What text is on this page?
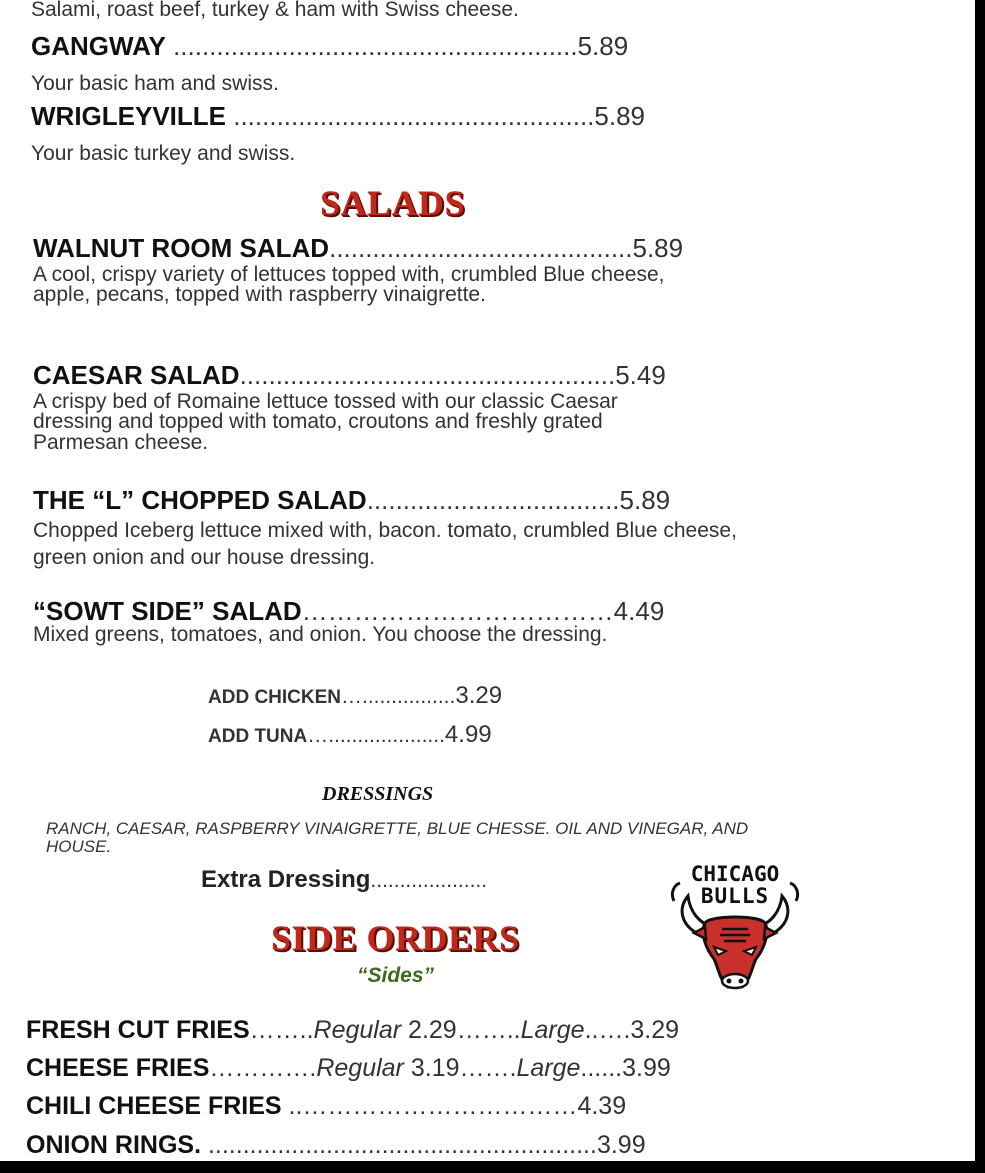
Salami, roast beef, turkey & ham with Swiss cheese.
GANGWAY ........................................................5.89
Your basic ham and swiss.
WRIGLEYVILLE ..................................................5.89
Your basic turkey and swiss.
SALADS
WALNUT ROOM SALAD..........................................5.89
A cool, crispy variety of lettuces topped with, crumbled Blue cheese, apple, pecans, topped with raspberry vinaigrette.
CAESAR SALAD....................................................5.49
A crispy bed of Romaine lettuce tossed with our classic Caesar dressing and topped with tomato, croutons and freshly grated Parmesan cheese.
THE “L” CHOPPED SALAD...................................5.89
Chopped Iceberg lettuce mixed with, bacon. tomato, crumbled Blue cheese, green onion and our house dressing.
“SOWT SIDE” SALAD………………………………4.49
Mixed greens, tomatoes, and onion. You choose the dressing.
ADD CHICKEN…................3.29
ADD TUNA…....................4.99
DRESSINGS
RANCH, CAESAR, RASPBERRY VINAIGRETTE, BLUE CHESSE. OIL AND VINEGAR, AND HOUSE.
Extra Dressing....................	CHICAGO
BULLS
SIDE ORDERS
“Sides”
FRESH CUT FRIES……..Regular 2.29……..Large..….3.29
CHEESE FRIES………….Regular 3.19…….Large......3.99
CHILI CHEESE FRIES ..……………………………4.39
ONION RINGS. ........................................................3.99
